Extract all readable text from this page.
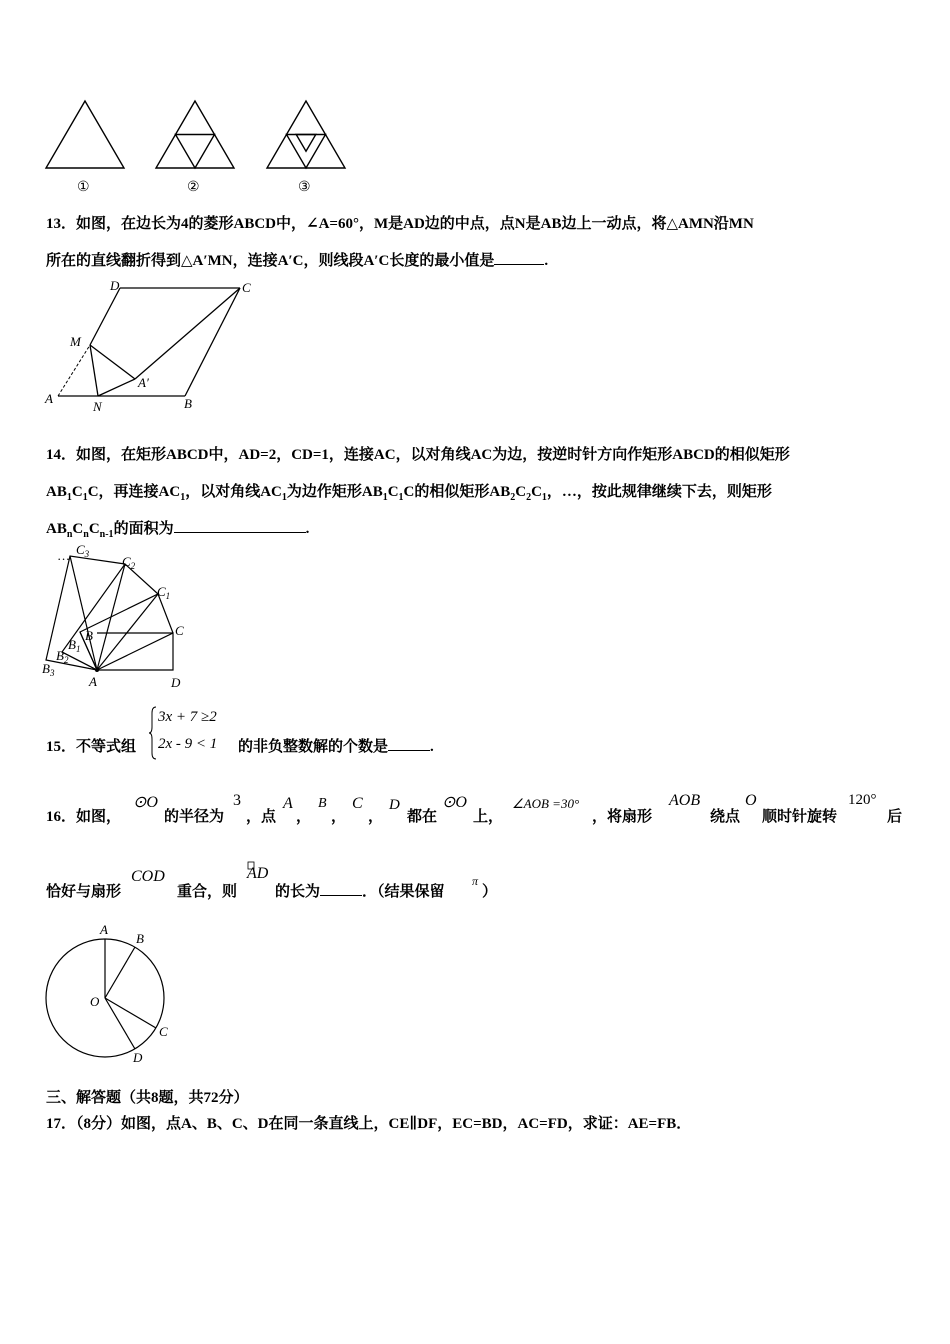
①	②	③
13．如图，在边长为4的菱形ABCD中，∠A=60°，M是AD边的中点，点N是AB边上一动点，将△AMN沿MN
所在的直线翻折得到△A′MN，连接A′C，则线段A′C长度的最小值是	.
D	C
M
A′
A
N	B
14．如图，在矩形ABCD中，AD=2，CD=1，连接AC，以对角线AC为边，按逆时针方向作矩形ABCD的相似矩形
$AB_1C_1C$，再连接$AC_1$，以对角线$AC_1$为边作矩形$AB_1C_1C$的相似矩形$AB_2C_2C_1$，…，按此规律继续下去，则矩形
$AB_nC_nC_{n-1}$的面积为	.
… $C_3$	$C_2$
$C_1$
C
B
$B_1$
$B_2$
$B_3$
A	D
15．不等式组
3x + 7 ≥2
2x - 9 < 1 的非负整数解的个数是	.
16．如图，
⊙O
的半径为
3
，点
A
，
B
，
C
，
D
都在
⊙O
上，
∠AOB =30°
，将扇形
AOB
绕点
O
顺时针旋转
120°
后
恰好与扇形
COD
重合，则
AD
的长为	．（结果保留
π
）
A
B
O
C
D
三、解答题（共8题，共72分）
17．（8分）如图，点A、B、C、D在同一条直线上，CE∥DF，EC=BD，AC=FD，求证：AE=FB．
